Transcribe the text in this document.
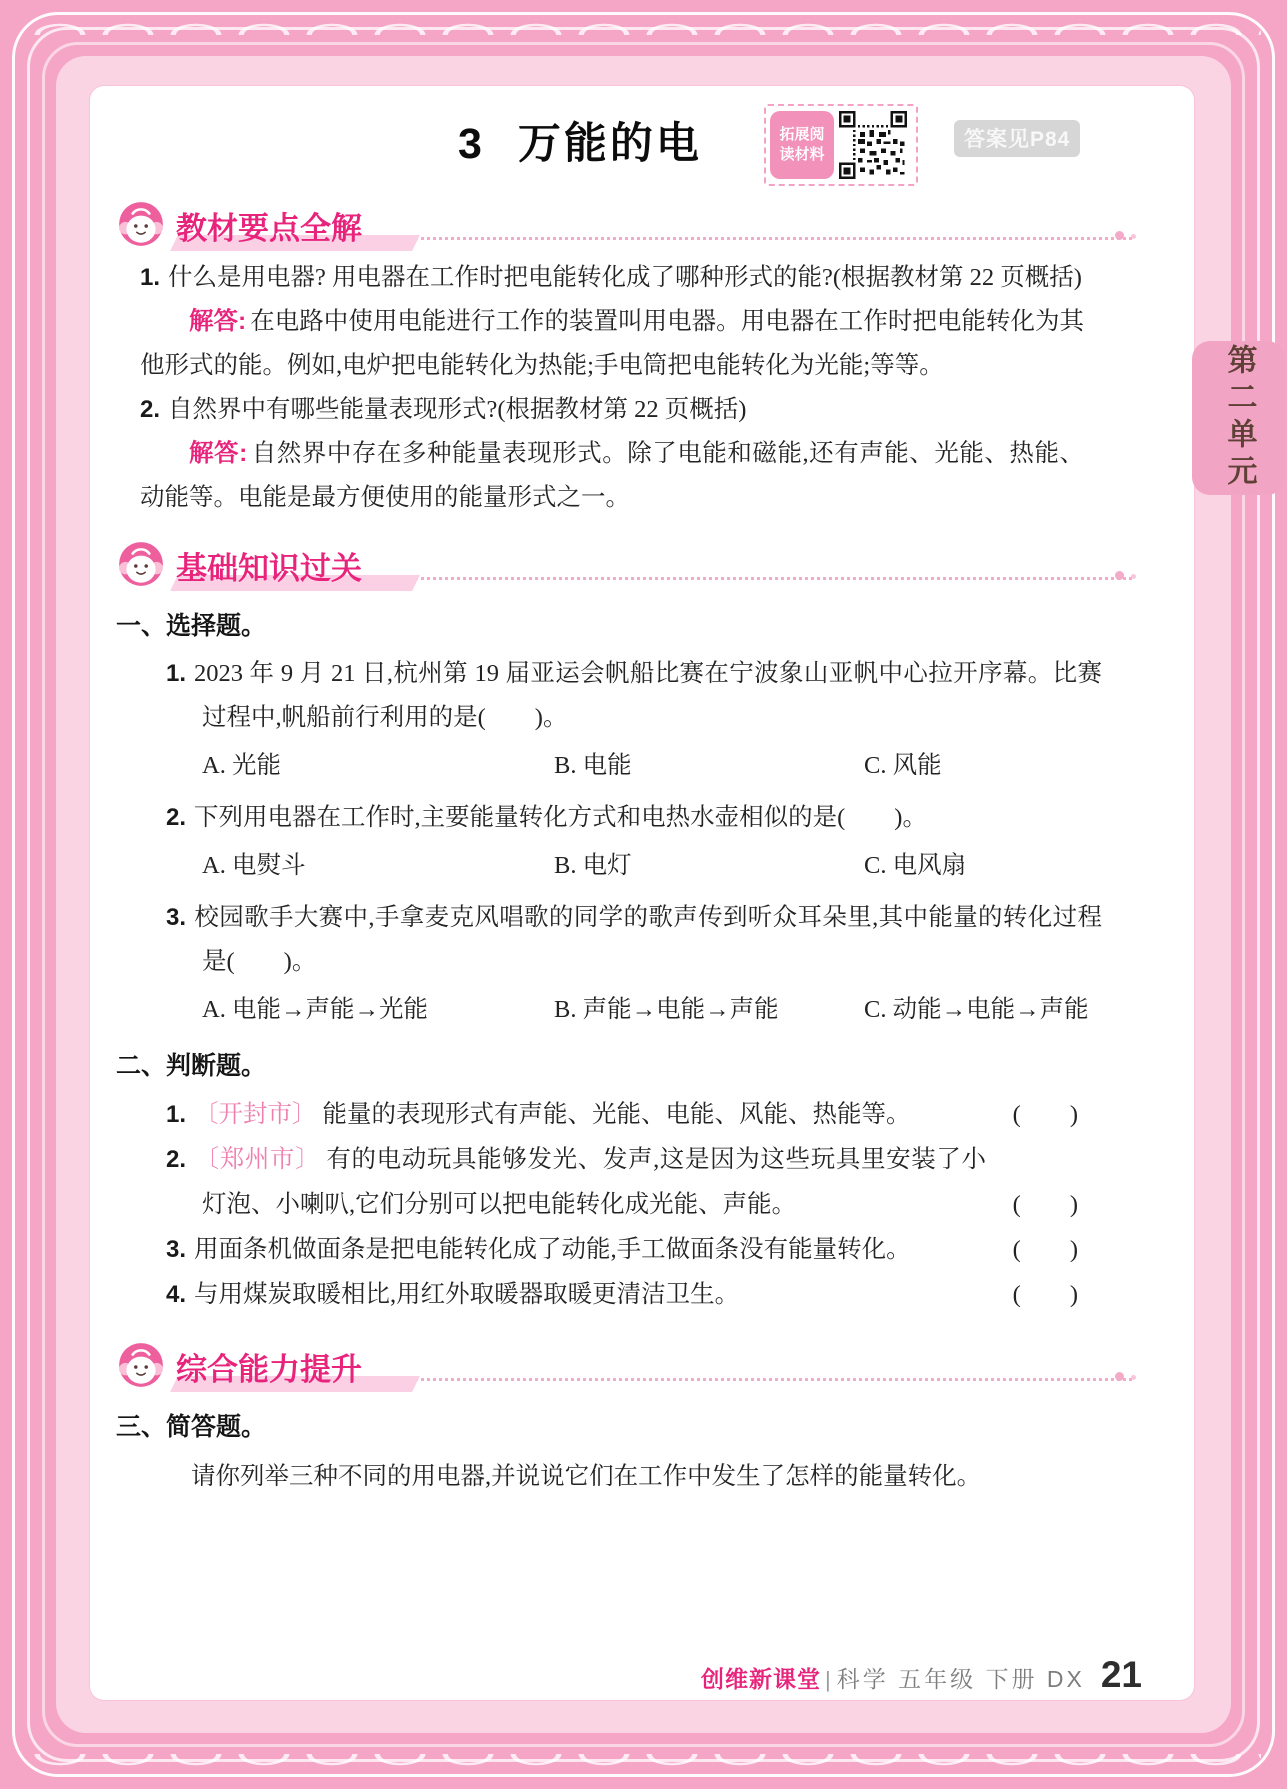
3 万能的电	拓展阅读材料
答案见P84
教材要点全解

1. 什么是用电器? 用电器在工作时把电能转化成了哪种形式的能?(根据教材第 22 页概括)

解答: 在电路中使用电能进行工作的装置叫用电器。用电器在工作时把电能转化为其他形式的能。例如,电炉把电能转化为热能;手电筒把电能转化为光能;等等。

2. 自然界中有哪些能量表现形式?(根据教材第 22 页概括)

解答: 自然界中存在多种能量表现形式。除了电能和磁能,还有声能、光能、热能、动能等。电能是最方便使用的能量形式之一。

基础知识过关

一、选择题。

1. 2023 年 9 月 21 日,杭州第 19 届亚运会帆船比赛在宁波象山亚帆中心拉开序幕。比赛过程中,帆船前行利用的是(　　)。

A. 光能	B. 电能	C. 风能

2. 下列用电器在工作时,主要能量转化方式和电热水壶相似的是(　　)。

A. 电熨斗	B. 电灯	C. 电风扇

3. 校园歌手大赛中,手拿麦克风唱歌的同学的歌声传到听众耳朵里,其中能量的转化过程是(　　)。

A. 电能→声能→光能	B. 声能→电能→声能	C. 动能→电能→声能

二、判断题。

1. 〔开封市〕 能量的表现形式有声能、光能、电能、风能、热能等。	(　　)
2. 〔郑州市〕 有的电动玩具能够发光、发声,这是因为这些玩具里安装了小灯泡、小喇叭,它们分别可以把电能转化成光能、声能。	(　　)
3. 用面条机做面条是把电能转化成了动能,手工做面条没有能量转化。	(　　)
4. 与用煤炭取暖相比,用红外取暖器取暖更清洁卫生。	(　　)
综合能力提升

三、简答题。

请你列举三种不同的用电器,并说说它们在工作中发生了怎样的能量转化。

创维新课堂 | 科学 五年级 下册 DX 21
第二单元
